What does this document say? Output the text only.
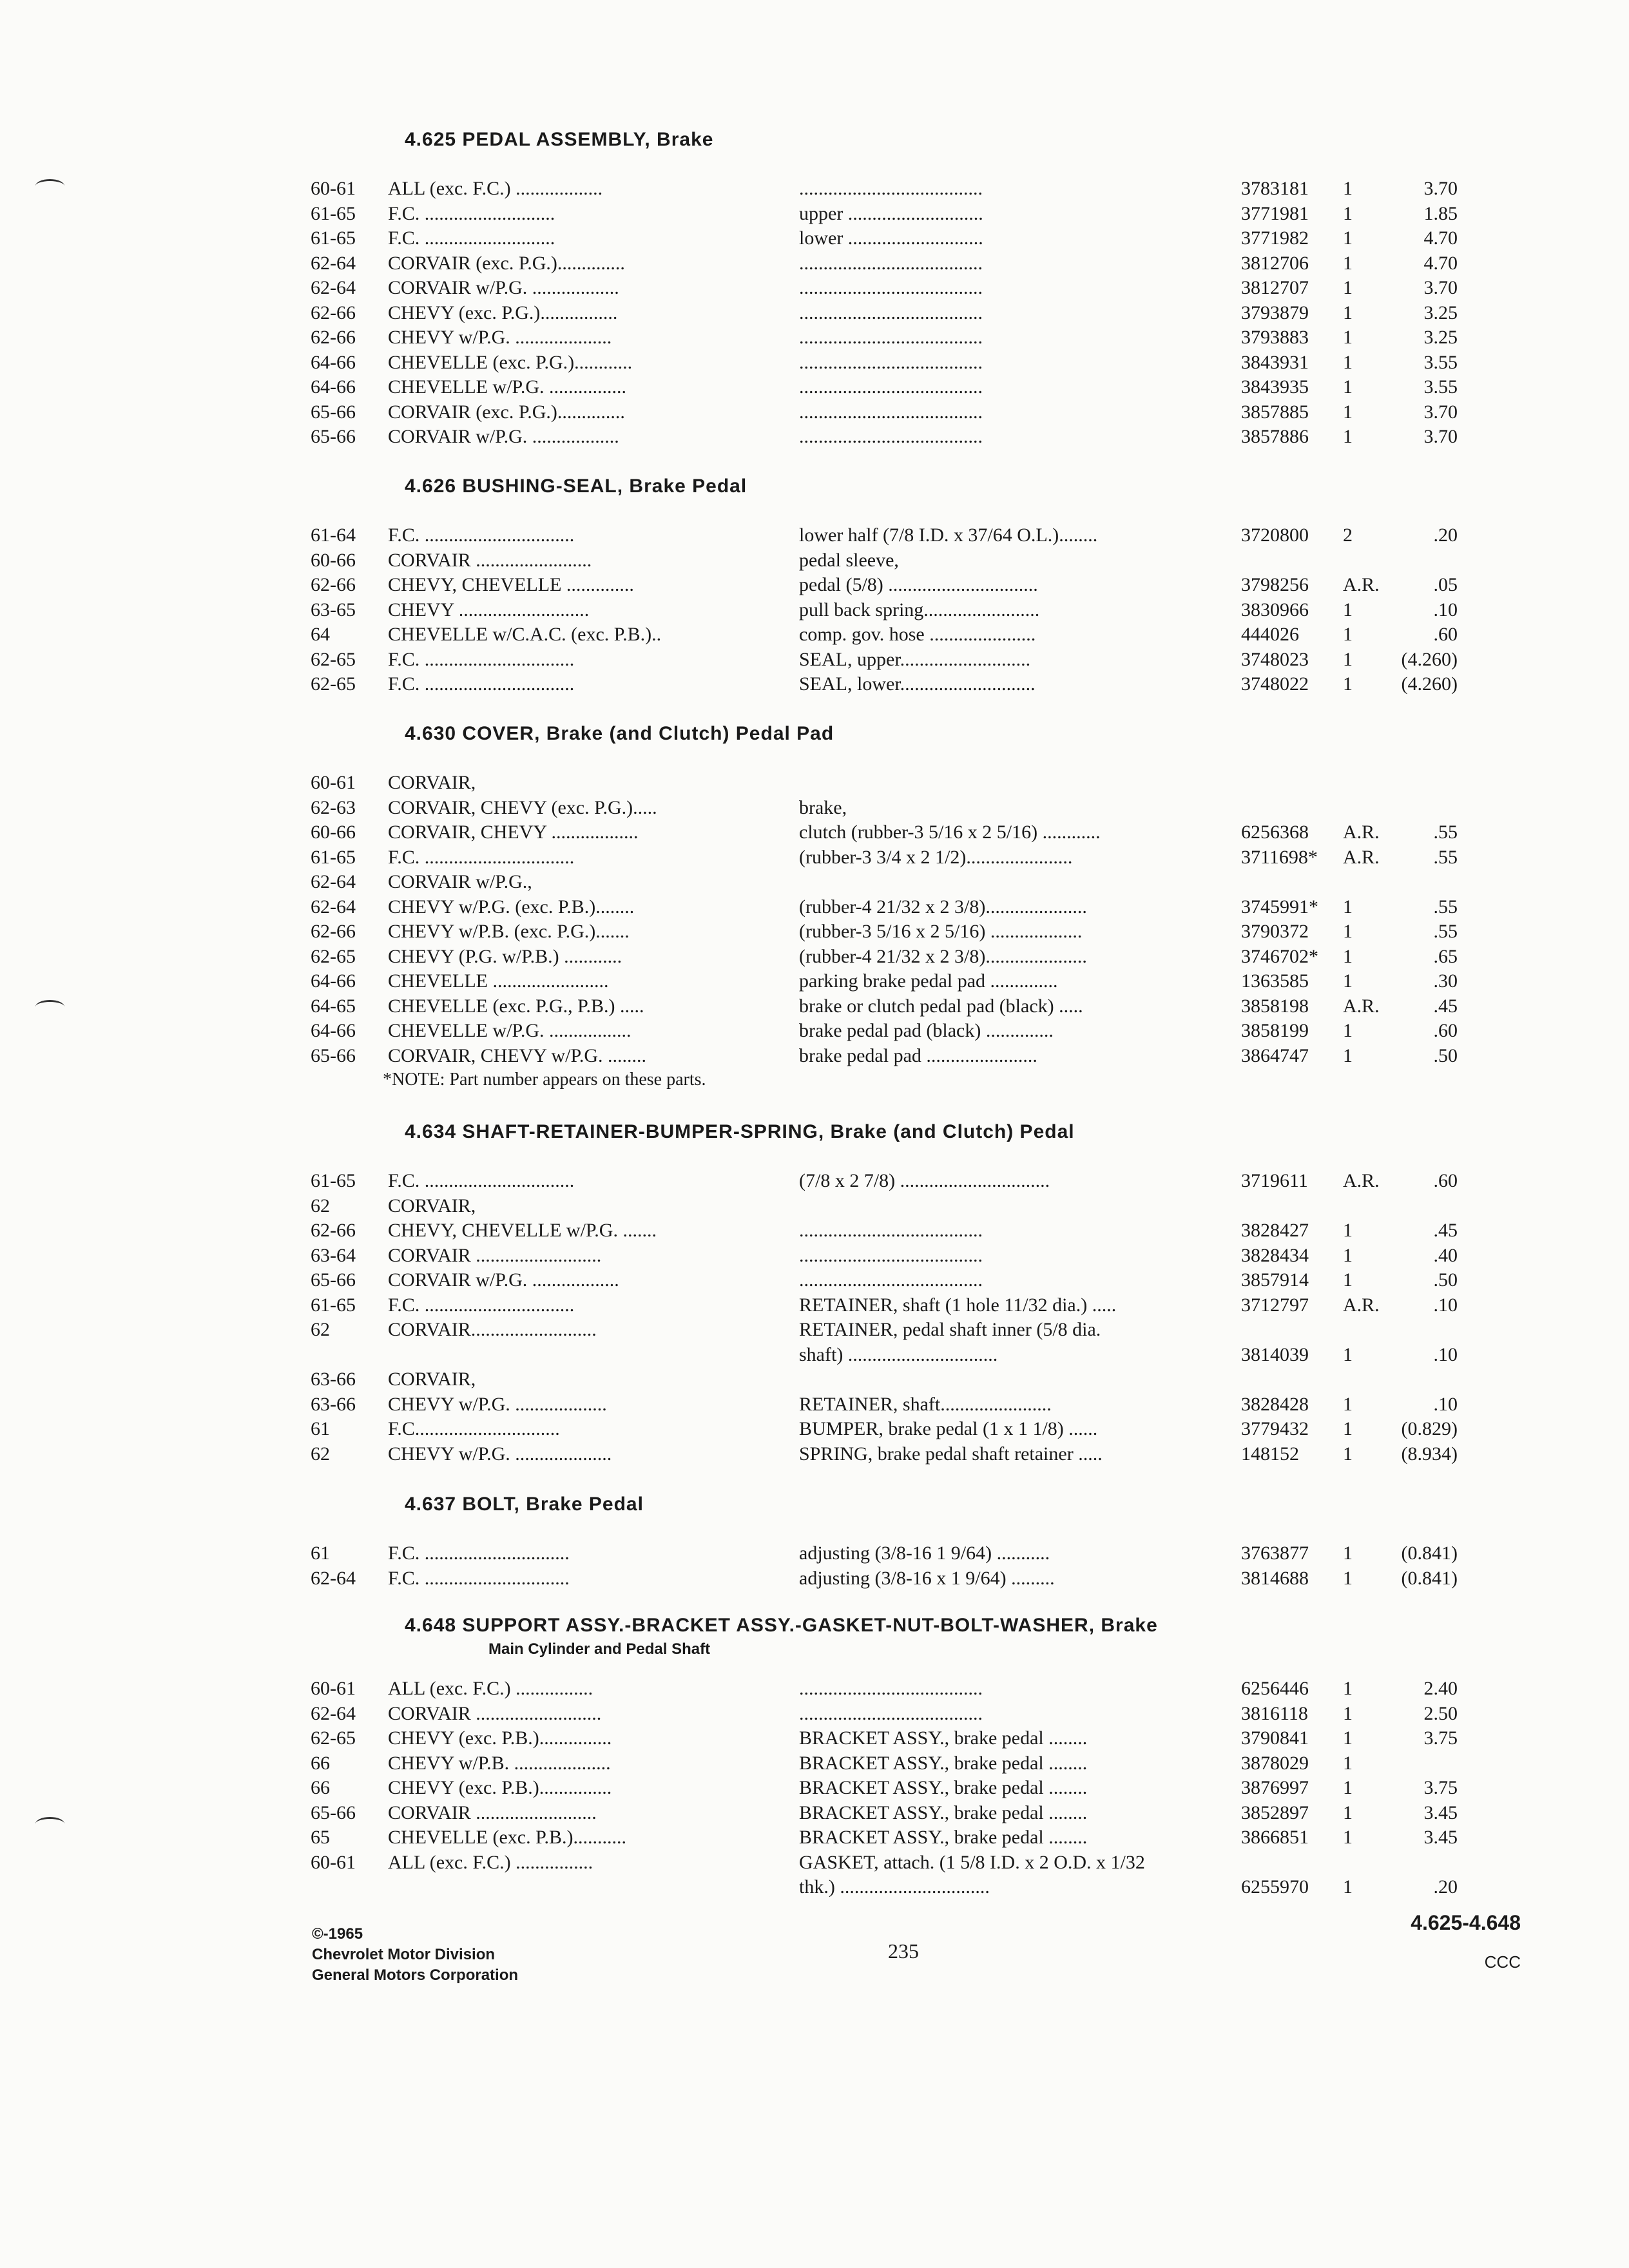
4.625 PEDAL ASSEMBLY, Brake
60-61	ALL (exc. F.C.) ..................	......................................	3783181	1	3.70
61-65	F.C. ...........................	upper ............................	3771981	1	1.85
61-65	F.C. ...........................	lower ............................	3771982	1	4.70
62-64	CORVAIR (exc. P.G.)..............	......................................	3812706	1	4.70
62-64	CORVAIR w/P.G. ..................	......................................	3812707	1	3.70
62-66	CHEVY (exc. P.G.)................	......................................	3793879	1	3.25
62-66	CHEVY w/P.G. ....................	......................................	3793883	1	3.25
64-66	CHEVELLE (exc. P.G.)............	......................................	3843931	1	3.55
64-66	CHEVELLE w/P.G. ................	......................................	3843935	1	3.55
65-66	CORVAIR (exc. P.G.)..............	......................................	3857885	1	3.70
65-66	CORVAIR w/P.G. ..................	......................................	3857886	1	3.70
4.626 BUSHING-SEAL, Brake Pedal
61-64	F.C. ...............................	lower half (7/8 I.D. x 37/64 O.L.)........	3720800	2	.20
60-66	CORVAIR ........................	pedal sleeve,
62-66	CHEVY, CHEVELLE ..............	pedal (5/8) ...............................	3798256	A.R.	.05
63-65	CHEVY ...........................	pull back spring........................	3830966	1	.10
64	CHEVELLE w/C.A.C. (exc. P.B.)..	comp. gov. hose ......................	444026	1	.60
62-65	F.C. ...............................	SEAL, upper...........................	3748023	1	(4.260)
62-65	F.C. ...............................	SEAL, lower............................	3748022	1	(4.260)
4.630 COVER, Brake (and Clutch) Pedal Pad
60-61	CORVAIR,
62-63	CORVAIR, CHEVY (exc. P.G.).....	brake,
60-66	CORVAIR, CHEVY ..................	clutch (rubber-3 5/16 x 2 5/16) ............	6256368	A.R.	.55
61-65	F.C. ...............................	(rubber-3 3/4 x 2 1/2)......................	3711698*	A.R.	.55
62-64	CORVAIR w/P.G.,
62-64	CHEVY w/P.G. (exc. P.B.)........	(rubber-4 21/32 x 2 3/8).....................	3745991*	1	.55
62-66	CHEVY w/P.B. (exc. P.G.).......	(rubber-3 5/16 x 2 5/16) ...................	3790372	1	.55
62-65	CHEVY (P.G. w/P.B.) ............	(rubber-4 21/32 x 2 3/8).....................	3746702*	1	.65
64-66	CHEVELLE ........................	parking brake pedal pad ..............	1363585	1	.30
64-65	CHEVELLE (exc. P.G., P.B.) .....	brake or clutch pedal pad (black) .....	3858198	A.R.	.45
64-66	CHEVELLE w/P.G. .................	brake pedal pad (black) ..............	3858199	1	.60
65-66	CORVAIR, CHEVY w/P.G. ........	brake pedal pad .......................	3864747	1	.50
*NOTE: Part number appears on these parts.
4.634 SHAFT-RETAINER-BUMPER-SPRING, Brake (and Clutch) Pedal
61-65	F.C. ...............................	(7/8 x 2 7/8) ...............................	3719611	A.R.	.60
62	CORVAIR,
62-66	CHEVY, CHEVELLE w/P.G. .......	......................................	3828427	1	.45
63-64	CORVAIR ..........................	......................................	3828434	1	.40
65-66	CORVAIR w/P.G. ..................	......................................	3857914	1	.50
61-65	F.C. ...............................	RETAINER, shaft (1 hole 11/32 dia.) .....	3712797	A.R.	.10
62	CORVAIR..........................	RETAINER, pedal shaft inner (5/8 dia.
shaft) ...............................	3814039	1	.10
63-66	CORVAIR,
63-66	CHEVY w/P.G. ...................	RETAINER, shaft.......................	3828428	1	.10
61	F.C..............................	BUMPER, brake pedal (1 x 1 1/8) ......	3779432	1	(0.829)
62	CHEVY w/P.G. ....................	SPRING, brake pedal shaft retainer .....	148152	1	(8.934)
4.637 BOLT, Brake Pedal
61	F.C. ..............................	adjusting (3/8-16 1 9/64) ...........	3763877	1	(0.841)
62-64	F.C. ..............................	adjusting (3/8-16 x 1 9/64) .........	3814688	1	(0.841)
4.648 SUPPORT ASSY.-BRACKET ASSY.-GASKET-NUT-BOLT-WASHER, Brake
Main Cylinder and Pedal Shaft
60-61	ALL (exc. F.C.) ................	......................................	6256446	1	2.40
62-64	CORVAIR ..........................	......................................	3816118	1	2.50
62-65	CHEVY (exc. P.B.)...............	BRACKET ASSY., brake pedal ........	3790841	1	3.75
66	CHEVY w/P.B. ....................	BRACKET ASSY., brake pedal ........	3878029	1
66	CHEVY (exc. P.B.)...............	BRACKET ASSY., brake pedal ........	3876997	1	3.75
65-66	CORVAIR .........................	BRACKET ASSY., brake pedal ........	3852897	1	3.45
65	CHEVELLE (exc. P.B.)...........	BRACKET ASSY., brake pedal ........	3866851	1	3.45
60-61	ALL (exc. F.C.) ................	GASKET, attach. (1 5/8 I.D. x 2 O.D. x 1/32
thk.) ...............................	6255970	1	.20
©-1965
Chevrolet Motor Division
General Motors Corporation
235
4.625-4.648
CCC
